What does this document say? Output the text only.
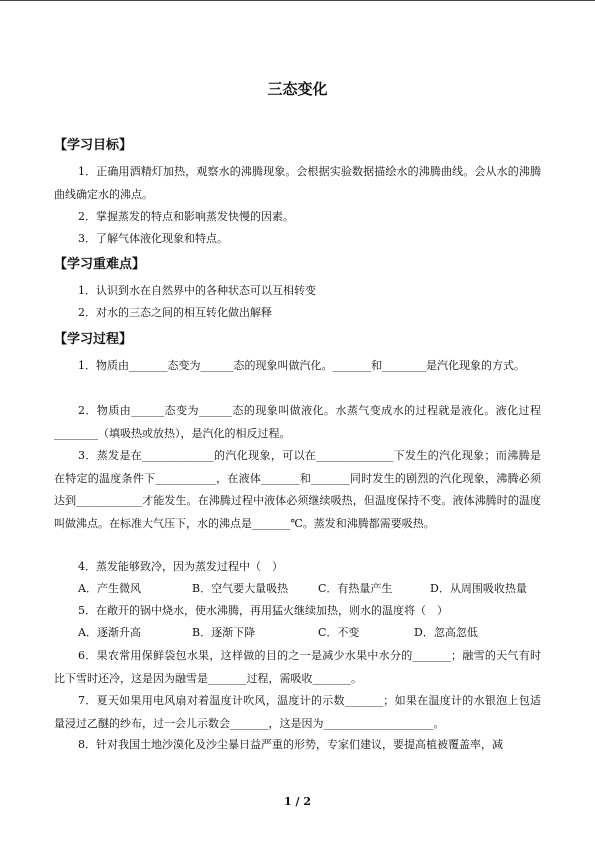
三态变化
【学习目标】
1．正确用酒精灯加热，观察水的沸腾现象。会根据实验数据描绘水的沸腾曲线。会从水的沸腾曲线确定水的沸点。
2．掌握蒸发的特点和影响蒸发快慢的因素。
3．了解气体液化现象和特点。
【学习重难点】
1．认识到水在自然界中的各种状态可以互相转变
2．对水的三态之间的相互转化做出解释
【学习过程】
1．物质由_______态变为______态的现象叫做汽化。_______和________是汽化现象的方式。
2．物质由______态变为______态的现象叫做液化。水蒸气变成水的过程就是液化。液化过程________（填吸热或放热），是汽化的相反过程。
3．蒸发是在_____________的汽化现象，可以在______________下发生的汽化现象；而沸腾是在特定的温度条件下___________，在液体_______和_______同时发生的剧烈的汽化现象，沸腾必须达到____________才能发生。在沸腾过程中液体必须继续吸热，但温度保持不变。液体沸腾时的温度叫做沸点。在标准大气压下，水的沸点是_______℃。蒸发和沸腾都需要吸热。
4．蒸发能够致冷，因为蒸发过程中（　）
A．产生微风	B．空气要大量吸热	C．有热量产生	D．从周围吸收热量
5．在敞开的锅中烧水，使水沸腾，再用猛火继续加热，则水的温度将（　）
A．逐渐升高	B．逐渐下降	C．不变	D．忽高忽低
6．果农常用保鲜袋包水果，这样做的目的之一是减少水果中水分的_______；融雪的天气有时比下雪时还冷，这是因为融雪是_______过程，需吸收_______。
7．夏天如果用电风扇对着温度计吹风，温度计的示数_______；如果在温度计的水银泡上包适量浸过乙醚的纱布，过一会儿示数会_______，这是因为____________________。
8．针对我国土地沙漠化及沙尘暴日益严重的形势，专家们建议，要提高植被覆盖率，减
1 / 2
